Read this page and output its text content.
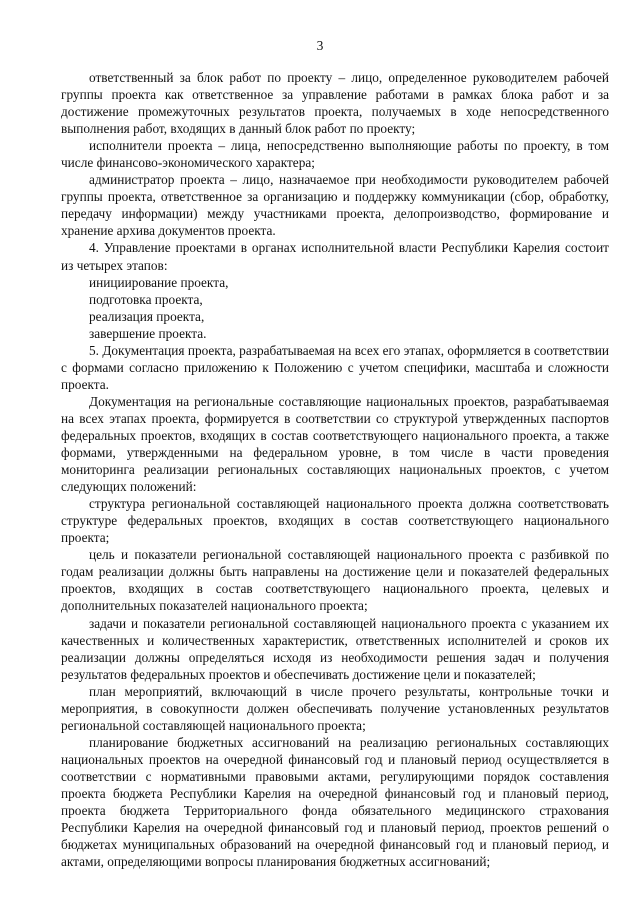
3

ответственный за блок работ по проекту – лицо, определенное руководителем рабочей группы проекта как ответственное за управление работами в рамках блока работ и за достижение промежуточных результатов проекта, получаемых в ходе непосредственного выполнения работ, входящих в данный блок работ по проекту;

исполнители проекта – лица, непосредственно выполняющие работы по проекту, в том числе финансово-экономического характера;

администратор проекта – лицо, назначаемое при необходимости руководителем рабочей группы проекта, ответственное за организацию и поддержку коммуникации (сбор, обработку, передачу информации) между участниками проекта, делопроизводство, формирование и хранение архива документов проекта.

4. Управление проектами в органах исполнительной власти Республики Карелия состоит из четырех этапов:

инициирование проекта,

подготовка проекта,

реализация проекта,

завершение проекта.

5. Документация проекта, разрабатываемая на всех его этапах, оформляется в соответствии с формами согласно приложению к Положению с учетом специфики, масштаба и сложности проекта.

Документация на региональные составляющие национальных проектов, разрабатываемая на всех этапах проекта, формируется в соответствии со структурой утвержденных паспортов федеральных проектов, входящих в состав соответствующего национального проекта, а также формами, утвержденными на федеральном уровне, в том числе в части проведения мониторинга реализации региональных составляющих национальных проектов, с учетом следующих положений:

структура региональной составляющей национального проекта должна соответствовать структуре федеральных проектов, входящих в состав соответствующего национального проекта;

цель и показатели региональной составляющей национального проекта с разбивкой по годам реализации должны быть направлены на достижение цели и показателей федеральных проектов, входящих в состав соответствующего национального проекта, целевых и дополнительных показателей национального проекта;

задачи и показатели региональной составляющей национального проекта с указанием их качественных и количественных характеристик, ответственных исполнителей и сроков их реализации должны определяться исходя из необходимости решения задач и получения результатов федеральных проектов и обеспечивать достижение цели и показателей;

план мероприятий, включающий в числе прочего результаты, контрольные точки и мероприятия, в совокупности должен обеспечивать получение установленных результатов региональной составляющей национального проекта;

планирование бюджетных ассигнований на реализацию региональных составляющих национальных проектов на очередной финансовый год и плановый период осуществляется в соответствии с нормативными правовыми актами, регулирующими порядок составления проекта бюджета Республики Карелия на очередной финансовый год и плановый период, проекта бюджета Территориального фонда обязательного медицинского страхования Республики Карелия на очередной финансовый год и плановый период, проектов решений о бюджетах муниципальных образований на очередной финансовый год и плановый период, и актами, определяющими вопросы планирования бюджетных ассигнований;
